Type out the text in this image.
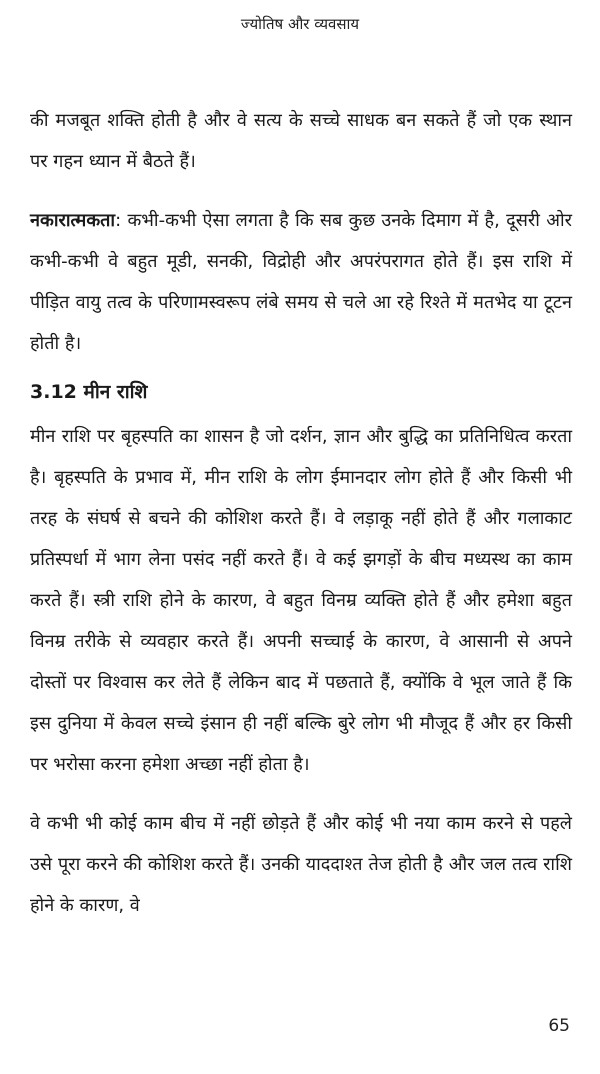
ज्योतिष और व्यवसाय

की मजबूत शक्ति होती है और वे सत्य के सच्चे साधक बन सकते हैं जो एक स्थान पर गहन ध्यान में बैठते हैं।

नकारात्मकता: कभी-कभी ऐसा लगता है कि सब कुछ उनके दिमाग में है, दूसरी ओर कभी-कभी वे बहुत मूडी, सनकी, विद्रोही और अपरंपरागत होते हैं। इस राशि में पीड़ित वायु तत्व के परिणामस्वरूप लंबे समय से चले आ रहे रिश्ते में मतभेद या टूटन होती है।

3.12 मीन राशि

मीन राशि पर बृहस्पति का शासन है जो दर्शन, ज्ञान और बुद्धि का प्रतिनिधित्व करता है। बृहस्पति के प्रभाव में, मीन राशि के लोग ईमानदार लोग होते हैं और किसी भी तरह के संघर्ष से बचने की कोशिश करते हैं। वे लड़ाकू नहीं होते हैं और गलाकाट प्रतिस्पर्धा में भाग लेना पसंद नहीं करते हैं। वे कई झगड़ों के बीच मध्यस्थ का काम करते हैं। स्त्री राशि होने के कारण, वे बहुत विनम्र व्यक्ति होते हैं और हमेशा बहुत विनम्र तरीके से व्यवहार करते हैं। अपनी सच्चाई के कारण, वे आसानी से अपने दोस्तों पर विश्वास कर लेते हैं लेकिन बाद में पछताते हैं, क्योंकि वे भूल जाते हैं कि इस दुनिया में केवल सच्चे इंसान ही नहीं बल्कि बुरे लोग भी मौजूद हैं और हर किसी पर भरोसा करना हमेशा अच्छा नहीं होता है।

वे कभी भी कोई काम बीच में नहीं छोड़ते हैं और कोई भी नया काम करने से पहले उसे पूरा करने की कोशिश करते हैं। उनकी याददाश्त तेज होती है और जल तत्व राशि होने के कारण, वे

65
